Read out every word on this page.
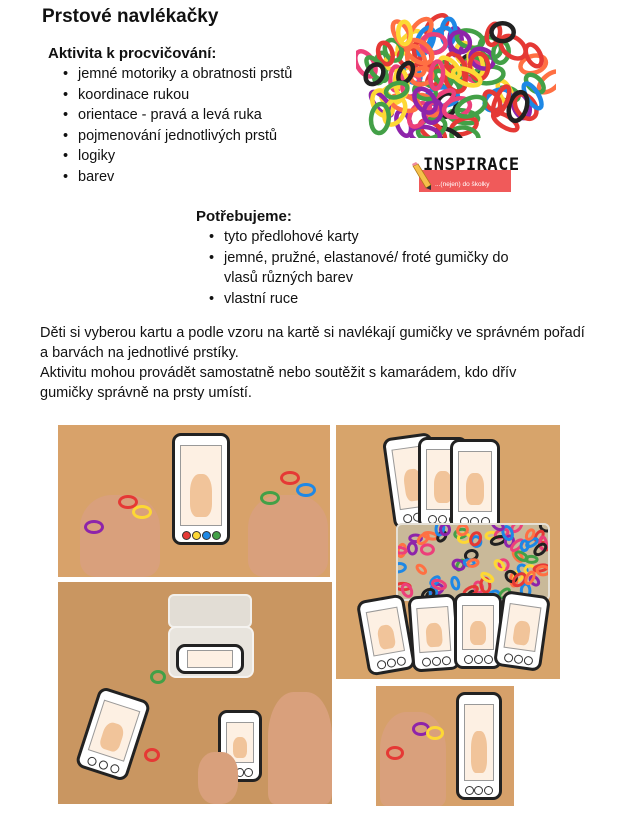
Prstové navlékačky
Aktivita k procvičování:
• jemné motoriky a obratnosti prstů
• koordinace rukou
• orientace - pravá a levá ruka
• pojmenování jednotlivých prstů
• logiky
• barev
INSPIRACE
...(nejen) do školky
Potřebujeme:
• tyto předlohové karty
• jemné, pružné, elastanové/ froté gumičky do vlasů různých barev
• vlastní ruce
Děti si vyberou kartu a podle vzoru na kartě si navlékají gumičky ve správném pořadí a barvách na jednotlivé prstíky.
Aktivitu mohou provádět samostatně nebo soutěžit s kamarádem, kdo dřív gumičky správně na prsty umístí.
